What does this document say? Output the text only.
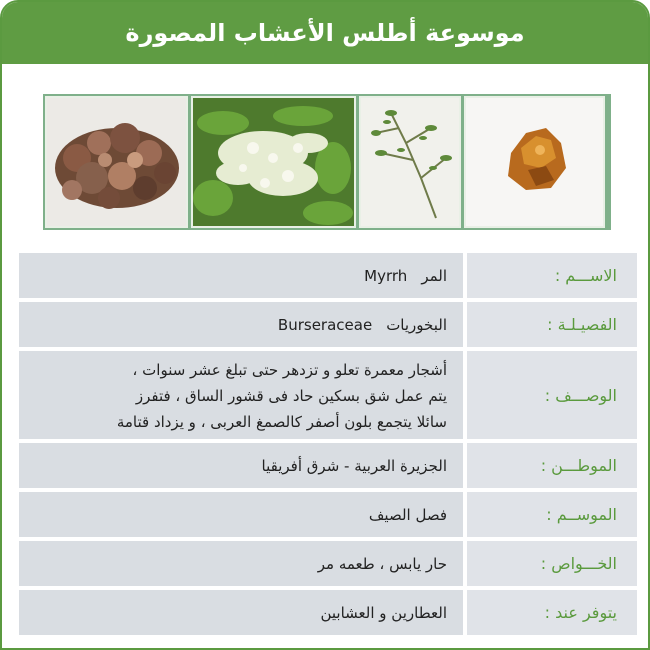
موسوعة أطلس الأعشاب المصورة
الاســـم :
المر
Myrrh
الفصيـلـة :
البخوريات
Burseraceae
الوصـــف :
أشجار معمرة تعلو و تزدهر حتى تبلغ عشر سنوات ،
يتم عمل شق بسكين حاد فى قشور الساق ، فتفرز
سائلا يتجمع بلون أصفر كالصمغ العربى ، و يزداد قتامة
الموطـــن :
الجزيرة العربية - شرق أفريقيا
الموســم :
فصل الصيف
الخـــواص :
حار يابس ، طعمه مر
يتوفر عند :
العطارين و العشابين
